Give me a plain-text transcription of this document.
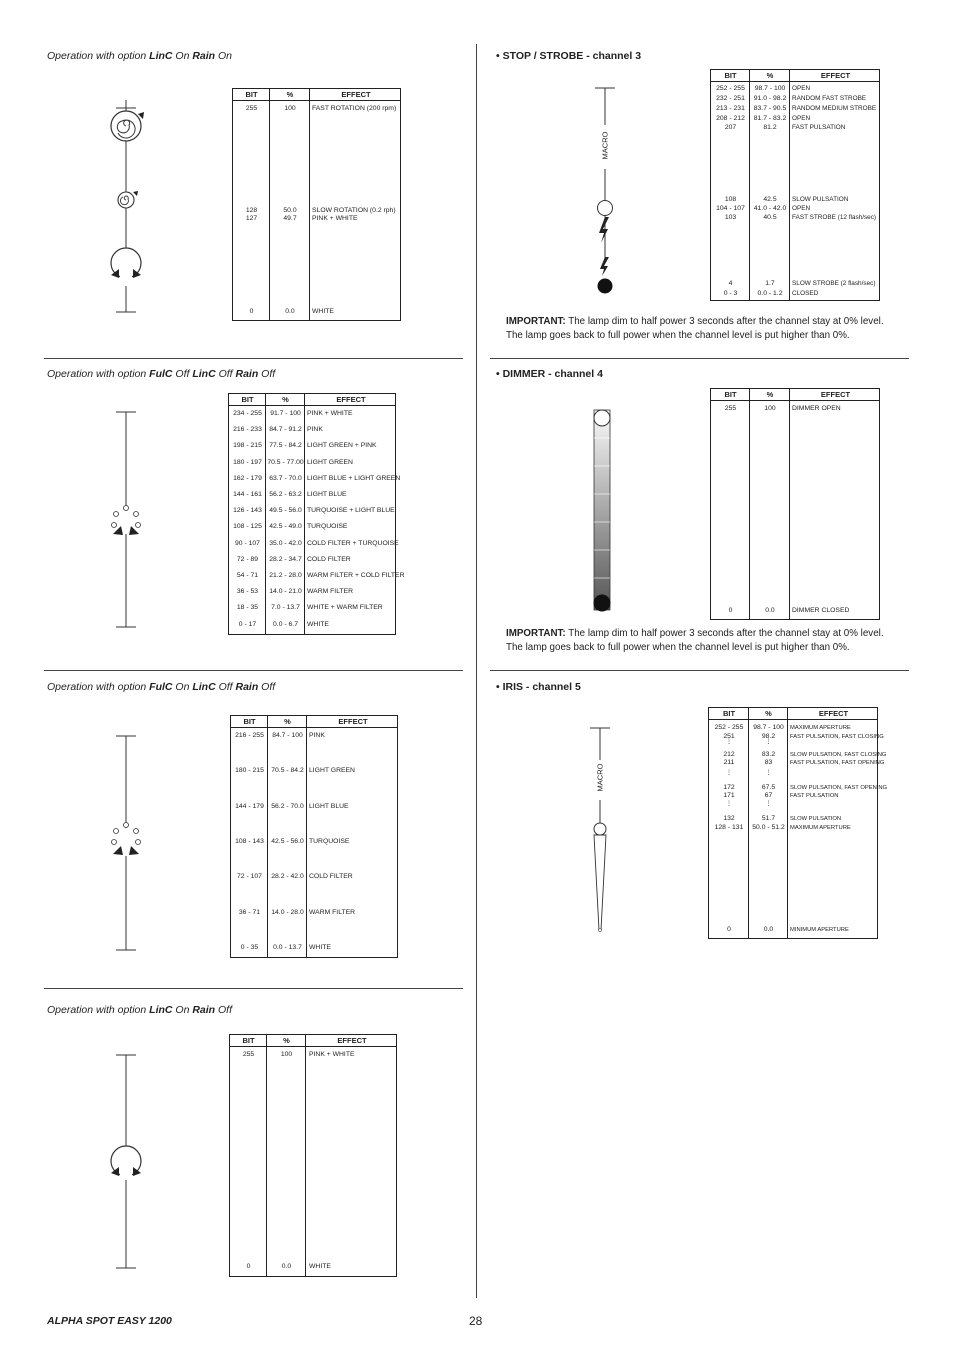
Operation with option LinC On Rain On
BIT	%	EFFECT
255	100	FAST ROTATION (200 rpm)
128	50.0	SLOW ROTATION (0.2 rph)
127	49.7	PINK + WHITE
0	0.0	WHITE
Operation with option FulC Off LinC Off Rain Off
BIT	%	EFFECT
234 - 255	91.7 - 100 PINK + WHITE
216 - 233	84.7 - 91.2 PINK
198 - 215	77.5 - 84.2 LIGHT GREEN + PINK
180 - 197 70.5 - 77.00 LIGHT GREEN
162 - 179	63.7 - 70.0 LIGHT BLUE + LIGHT GREEN
144 - 161	56.2 - 63.2 LIGHT BLUE
126 - 143	49.5 - 56.0 TURQUOISE + LIGHT BLUE
108 - 125	42.5 - 49.0 TURQUOISE
90 - 107	35.0 - 42.0 COLD FILTER + TURQUOISE
72 - 89	28.2 - 34.7 COLD FILTER
54 - 71	21.2 - 28.0 WARM FILTER + COLD FILTER
36 - 53	14.0 - 21.0 WARM FILTER
18 - 35	7.0 - 13.7	WHITE + WARM FILTER
0 - 17	0.0 - 6.7	WHITE
Operation with option FulC On LinC Off Rain Off
BIT	%	EFFECT
216 - 255	84.7 - 100 PINK
180 - 215	70.5 - 84.2 LIGHT GREEN
144 - 179	56.2 - 70.0 LIGHT BLUE
108 - 143	42.5 - 56.0 TURQUOISE
72 - 107	28.2 - 42.0 COLD FILTER
36 - 71	14.0 - 28.0 WARM FILTER
0 - 35	0.0 - 13.7	WHITE
Operation with option LinC On Rain Off
BIT	%	EFFECT
255	100	PINK + WHITE
0	0.0	WHITE
• STOP / STROBE - channel 3
MACRO
BIT	%	EFFECT
252 - 255	98.7 - 100	OPEN
232 - 251	91.0 - 98.2 RANDOM FAST STROBE
213 - 231	83.7 - 90.5 RANDOM MEDIUM STROBE
208 - 212	81.7 - 83.2 OPEN
207	81.2	FAST PULSATION
108	42.5	SLOW PULSATION
104 - 107	41.0 - 42.0 OPEN
103	40.5	FAST STROBE (12 flash/sec)
4	1.7	SLOW STROBE (2 flash/sec)
0 - 3	0.0 - 1.2	CLOSED
IMPORTANT: The lamp dim to half power 3 seconds after the channel stay at 0% level.
The lamp goes back to full power when the channel level is put higher than 0%.
• DIMMER - channel 4
BIT	%	EFFECT
255	100	DIMMER OPEN
0	0.0	DIMMER CLOSED
IMPORTANT: The lamp dim to half power 3 seconds after the channel stay at 0% level.
The lamp goes back to full power when the channel level is put higher than 0%.
• IRIS - channel 5
MACRO
BIT	%	EFFECT
⋮	⋮
⋮	⋮
⋮	⋮
252 - 255	98.7 - 100	MAXIMUM APERTURE
251	98.2	FAST PULSATION, FAST CLOSING
212	83.2	SLOW PULSATION, FAST CLOSING
211	83	FAST PULSATION, FAST OPENING
172	67.5	SLOW PULSATION, FAST OPENING
171	67	FAST PULSATION
132	51.7	SLOW PULSATION
128 - 131	50.0 - 51.2 MAXIMUM APERTURE
0	0.0	MINIMUM APERTURE
ALPHA SPOT EASY 1200	28
